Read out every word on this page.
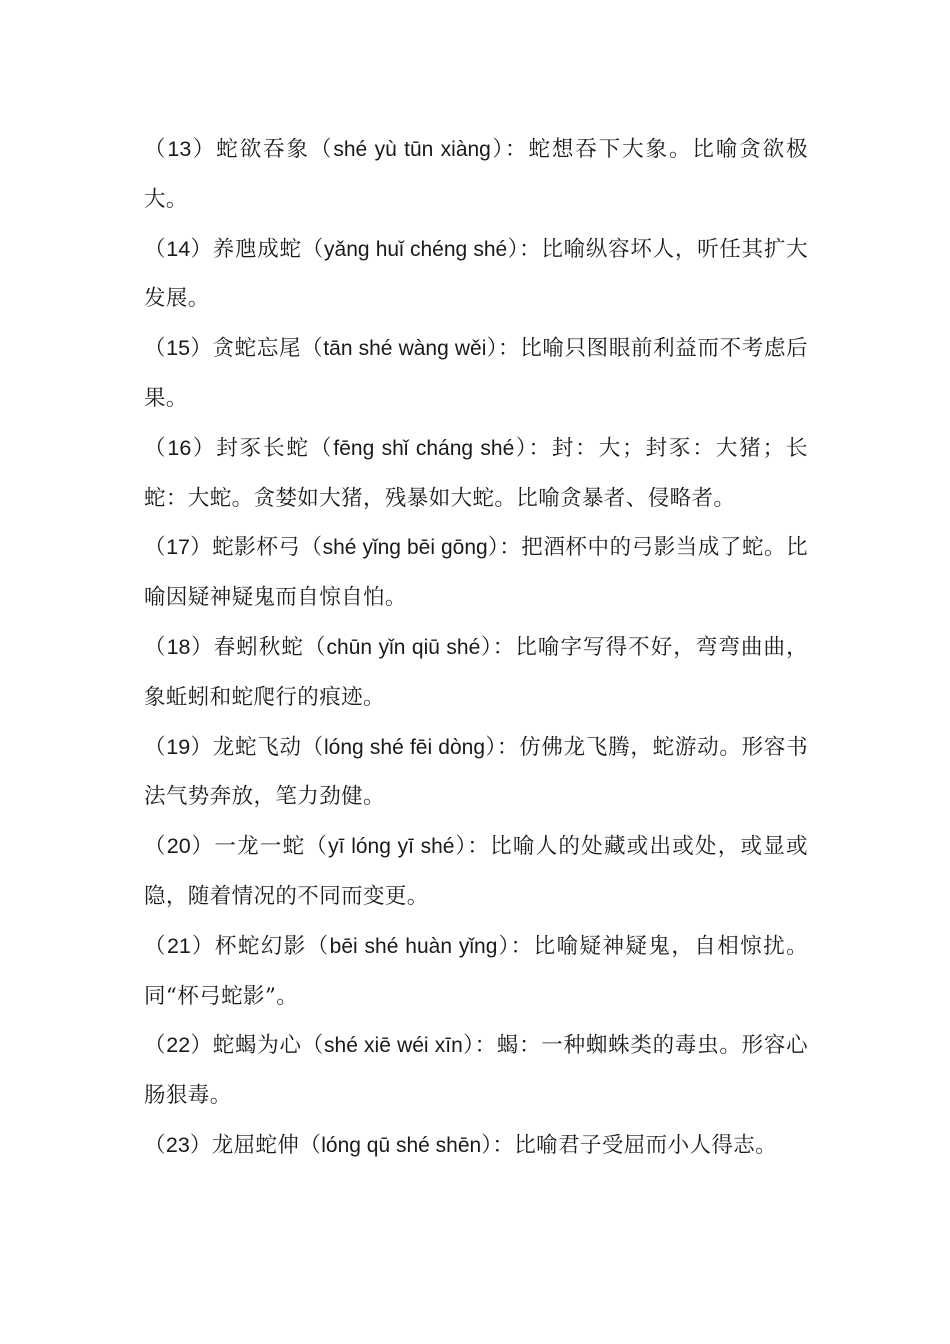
（13）蛇欲吞象（shé yù tūn xiàng）：蛇想吞下大象。比喻贪欲极大。

（14）养虺成蛇（yǎng huǐ chéng shé）：比喻纵容坏人，听任其扩大发展。

（15）贪蛇忘尾（tān shé wàng wěi）：比喻只图眼前利益而不考虑后果。

（16）封豕长蛇（fēng shǐ cháng shé）：封：大；封豕：大猪；长蛇：大蛇。贪婪如大猪，残暴如大蛇。比喻贪暴者、侵略者。

（17）蛇影杯弓（shé yǐng bēi gōng）：把酒杯中的弓影当成了蛇。比喻因疑神疑鬼而自惊自怕。

（18）春蚓秋蛇（chūn yǐn qiū shé）：比喻字写得不好，弯弯曲曲，象蚯蚓和蛇爬行的痕迹。

（19）龙蛇飞动（lóng shé fēi dòng）：仿佛龙飞腾，蛇游动。形容书法气势奔放，笔力劲健。

（20）一龙一蛇（yī lóng yī shé）：比喻人的处藏或出或处，或显或隐，随着情况的不同而变更。

（21）杯蛇幻影（bēi shé huàn yǐng）：比喻疑神疑鬼，自相惊扰。同“杯弓蛇影”。

（22）蛇蝎为心（shé xiē wéi xīn）：蝎：一种蜘蛛类的毒虫。形容心肠狠毒。

（23）龙屈蛇伸（lóng qū shé shēn）：比喻君子受屈而小人得志。
